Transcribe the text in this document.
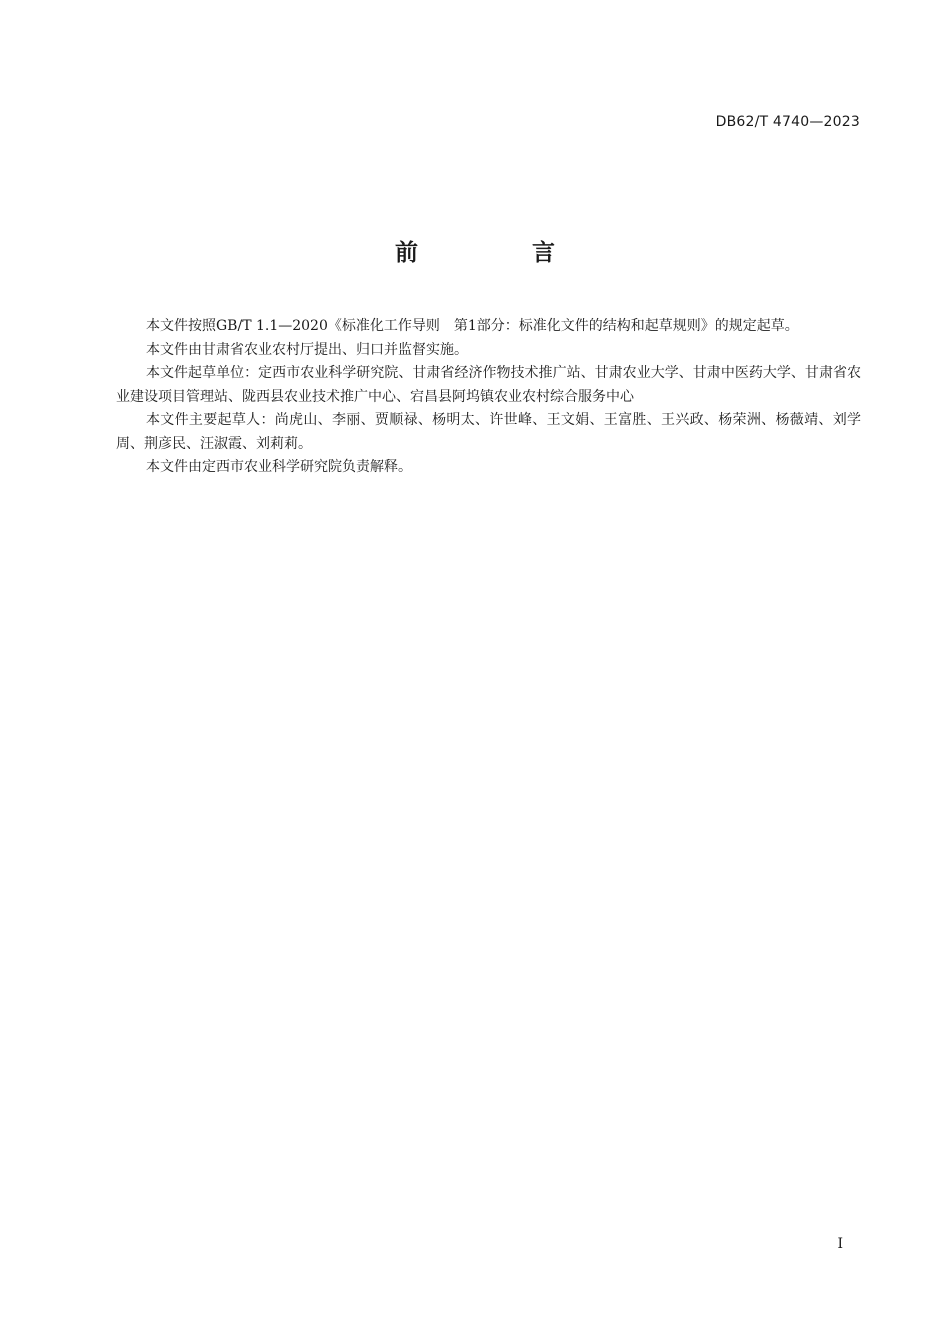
DB62/T 4740—2023
前 言

本文件按照GB/T 1.1—2020《标准化工作导则　第1部分：标准化文件的结构和起草规则》的规定起草。

本文件由甘肃省农业农村厅提出、归口并监督实施。

本文件起草单位：定西市农业科学研究院、甘肃省经济作物技术推广站、甘肃农业大学、甘肃中医药大学、甘肃省农业建设项目管理站、陇西县农业技术推广中心、宕昌县阿坞镇农业农村综合服务中心

本文件主要起草人：尚虎山、李丽、贾顺禄、杨明太、许世峰、王文娟、王富胜、王兴政、杨荣洲、杨薇靖、刘学周、荆彦民、汪淑霞、刘莉莉。

本文件由定西市农业科学研究院负责解释。

I
